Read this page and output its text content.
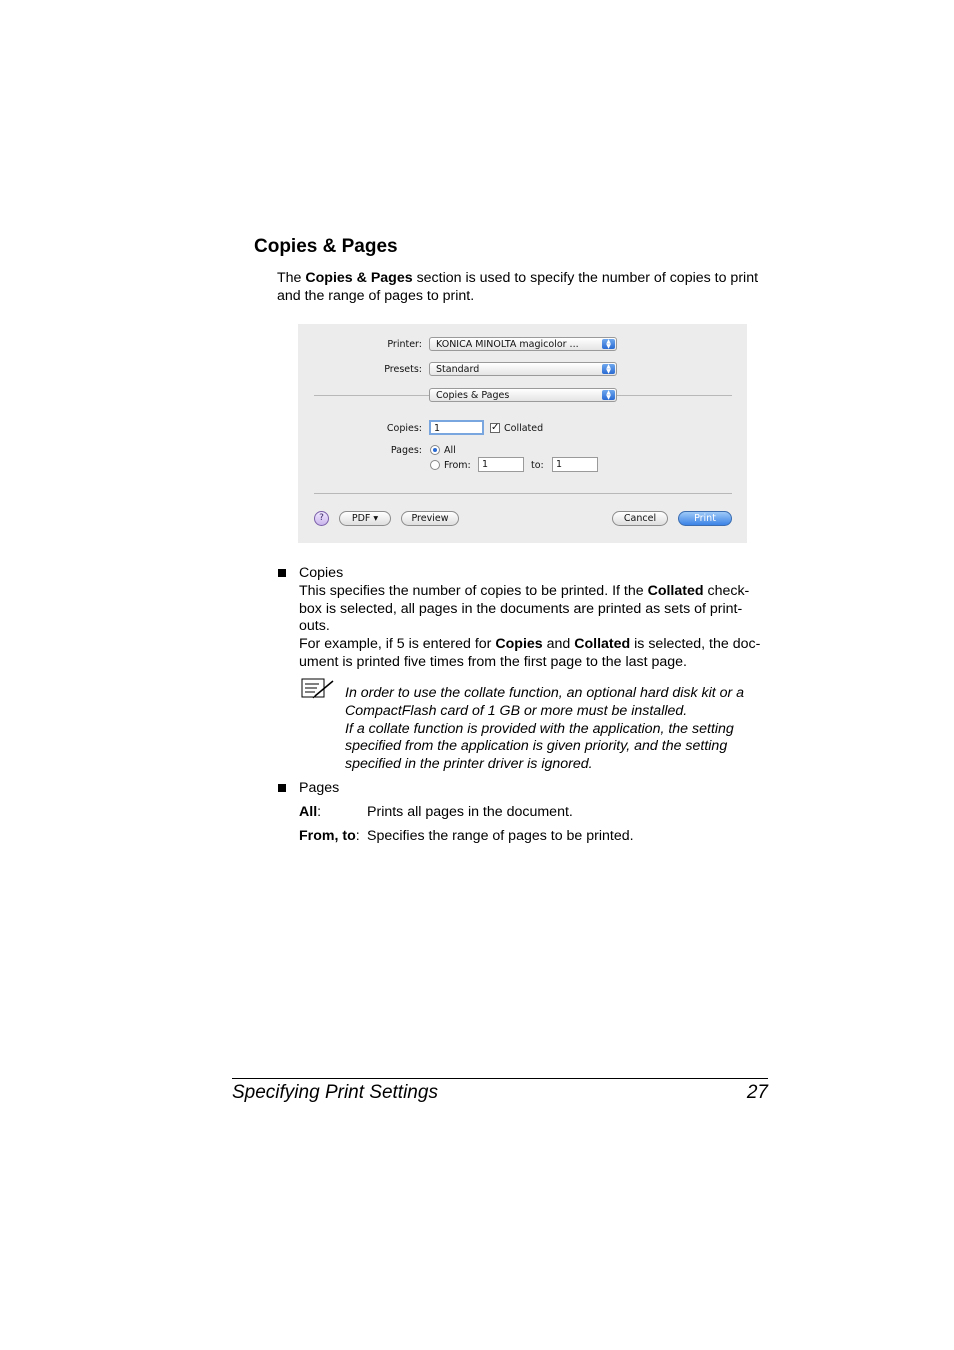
Copies & Pages
The Copies & Pages section is used to specify the number of copies to print
and the range of pages to print.
Printer:	KONICA MINOLTA magicolor ...	▲
▼
Presets:	Standard	▲
▼
Copies & Pages	▲
▼
Copies:	1	✓ Collated
Pages: All
From:	1	to:	1
?	PDF ▾	Preview	Cancel	Print
Copies
This specifies the number of copies to be printed. If the Collated check-
box is selected, all pages in the documents are printed as sets of print-
outs.
For example, if 5 is entered for Copies and Collated is selected, the doc-
ument is printed five times from the first page to the last page.
In order to use the collate function, an optional hard disk kit or a
CompactFlash card of 1 GB or more must be installed.
If a collate function is provided with the application, the setting
specified from the application is given priority, and the setting
specified in the printer driver is ignored.
Pages
All:	Prints all pages in the document.
From, to: Specifies the range of pages to be printed.
Specifying Print Settings	27
